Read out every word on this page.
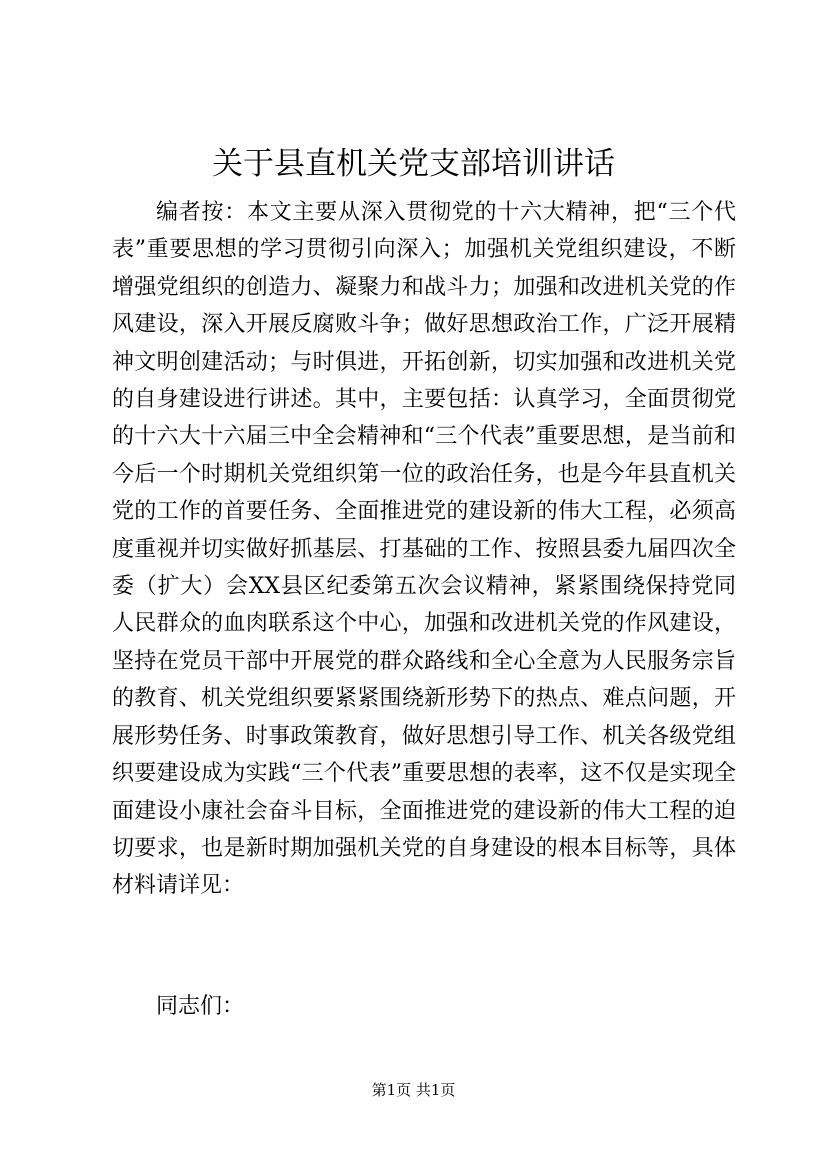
关于县直机关党支部培训讲话

编者按：本文主要从深入贯彻党的十六大精神，把“三个代表”重要思想的学习贯彻引向深入；加强机关党组织建设，不断增强党组织的创造力、凝聚力和战斗力；加强和改进机关党的作风建设，深入开展反腐败斗争；做好思想政治工作，广泛开展精神文明创建活动；与时俱进，开拓创新，切实加强和改进机关党的自身建设进行讲述。其中，主要包括：认真学习，全面贯彻党的十六大十六届三中全会精神和“三个代表”重要思想，是当前和今后一个时期机关党组织第一位的政治任务，也是今年县直机关党的工作的首要任务、全面推进党的建设新的伟大工程，必须高度重视并切实做好抓基层、打基础的工作、按照县委九届四次全委（扩大）会XX县区纪委第五次会议精神，紧紧围绕保持党同人民群众的血肉联系这个中心，加强和改进机关党的作风建设，坚持在党员干部中开展党的群众路线和全心全意为人民服务宗旨的教育、机关党组织要紧紧围绕新形势下的热点、难点问题，开展形势任务、时事政策教育，做好思想引导工作、机关各级党组织要建设成为实践“三个代表”重要思想的表率，这不仅是实现全面建设小康社会奋斗目标，全面推进党的建设新的伟大工程的迫切要求，也是新时期加强机关党的自身建设的根本目标等，具体材料请详见：

同志们：

第1页 共1页
